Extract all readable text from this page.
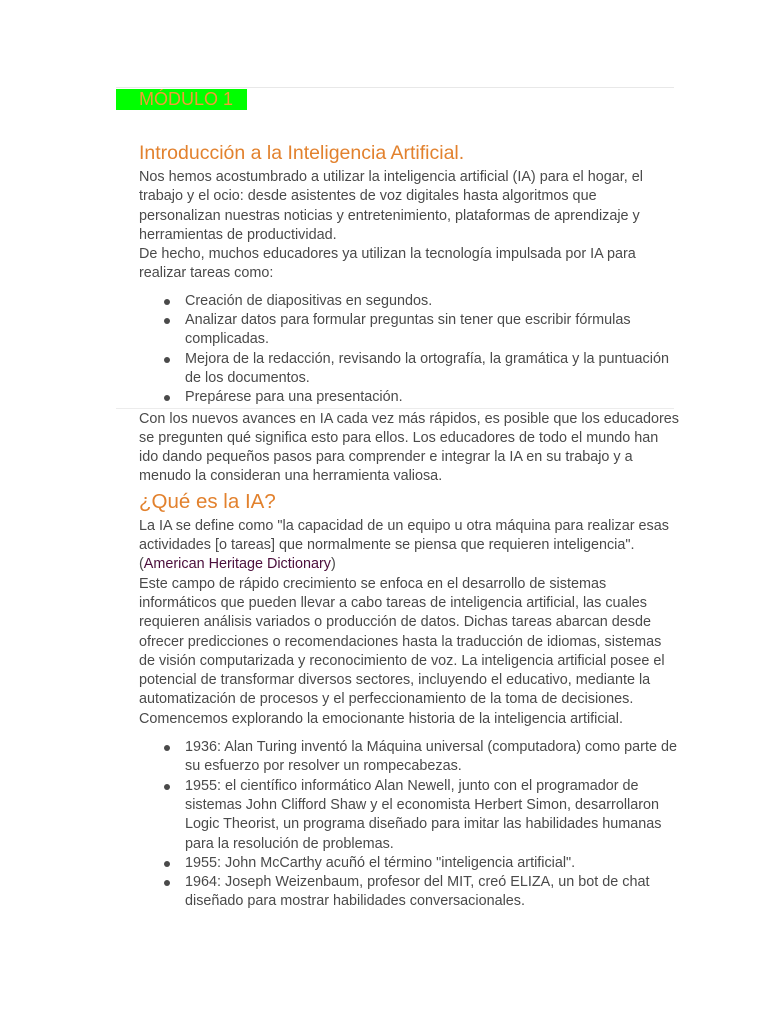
MÓDULO 1
Introducción a la Inteligencia Artificial.

Nos hemos acostumbrado a utilizar la inteligencia artificial (IA) para el hogar, el trabajo y el ocio: desde asistentes de voz digitales hasta algoritmos que personalizan nuestras noticias y entretenimiento, plataformas de aprendizaje y herramientas de productividad.

De hecho, muchos educadores ya utilizan la tecnología impulsada por IA para realizar tareas como:

Creación de diapositivas en segundos.
Analizar datos para formular preguntas sin tener que escribir fórmulas complicadas.
Mejora de la redacción, revisando la ortografía, la gramática y la puntuación de los documentos.
Prepárese para una presentación.

Con los nuevos avances en IA cada vez más rápidos, es posible que los educadores se pregunten qué significa esto para ellos. Los educadores de todo el mundo han ido dando pequeños pasos para comprender e integrar la IA en su trabajo y a menudo la consideran una herramienta valiosa.

¿Qué es la IA?

La IA se define como "la capacidad de un equipo u otra máquina para realizar esas actividades [o tareas] que normalmente se piensa que requieren inteligencia". (American Heritage Dictionary)

Este campo de rápido crecimiento se enfoca en el desarrollo de sistemas informáticos que pueden llevar a cabo tareas de inteligencia artificial, las cuales requieren análisis variados o producción de datos. Dichas tareas abarcan desde ofrecer predicciones o recomendaciones hasta la traducción de idiomas, sistemas de visión computarizada y reconocimiento de voz. La inteligencia artificial posee el potencial de transformar diversos sectores, incluyendo el educativo, mediante la automatización de procesos y el perfeccionamiento de la toma de decisiones.

Comencemos explorando la emocionante historia de la inteligencia artificial.

1936: Alan Turing inventó la Máquina universal (computadora) como parte de su esfuerzo por resolver un rompecabezas.
1955: el científico informático Alan Newell, junto con el programador de sistemas John Clifford Shaw y el economista Herbert Simon, desarrollaron Logic Theorist, un programa diseñado para imitar las habilidades humanas para la resolución de problemas.
1955: John McCarthy acuñó el término "inteligencia artificial".
1964: Joseph Weizenbaum, profesor del MIT, creó ELIZA, un bot de chat diseñado para mostrar habilidades conversacionales.
